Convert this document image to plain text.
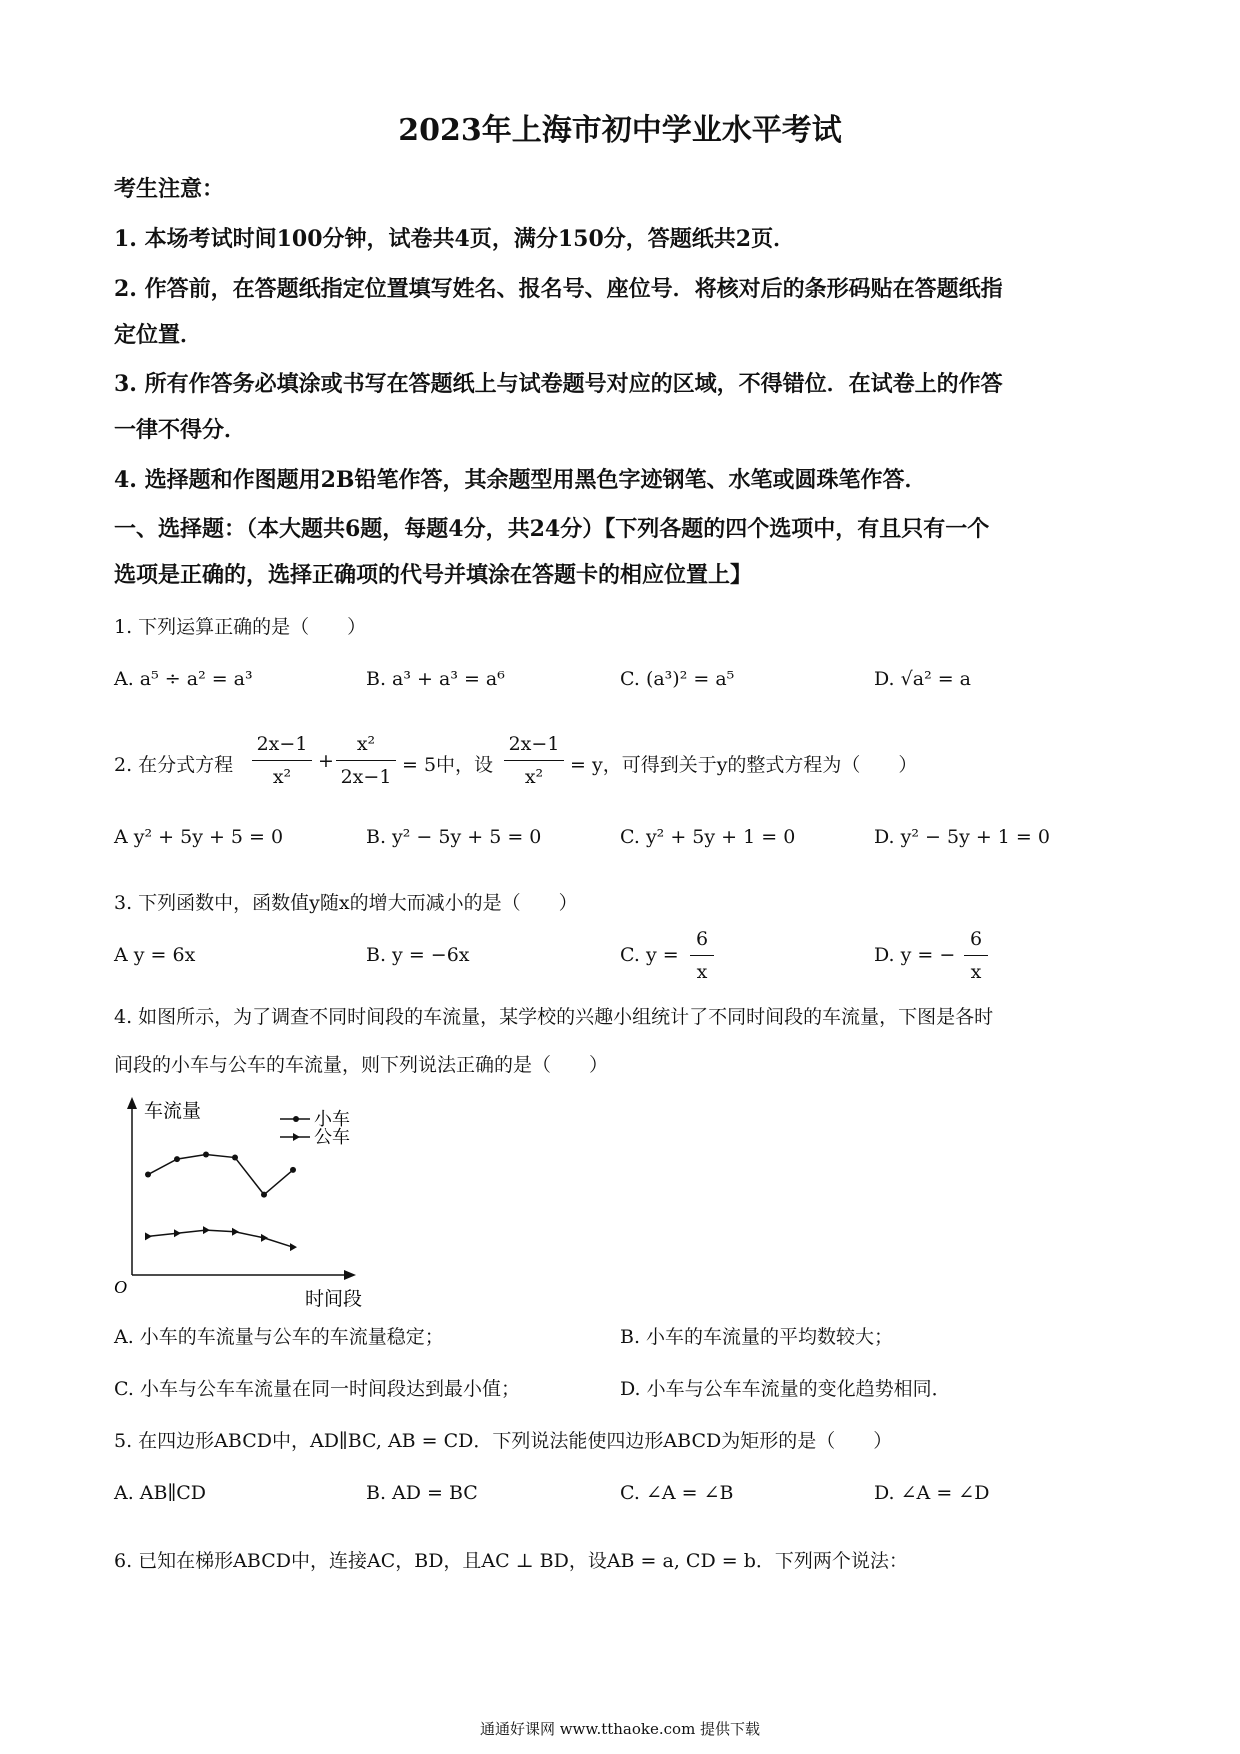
2023年上海市初中学业水平考试
考生注意：
1. 本场考试时间100分钟，试卷共4页，满分150分，答题纸共2页．
2. 作答前，在答题纸指定位置填写姓名、报名号、座位号．将核对后的条形码贴在答题纸指
定位置．
3. 所有作答务必填涂或书写在答题纸上与试卷题号对应的区域，不得错位．在试卷上的作答
一律不得分．
4. 选择题和作图题用2B铅笔作答，其余题型用黑色字迹钢笔、水笔或圆珠笔作答．
一、选择题：（本大题共6题，每题4分，共24分）【下列各题的四个选项中，有且只有一个
选项是正确的，选择正确项的代号并填涂在答题卡的相应位置上】
1. 下列运算正确的是（　　）
A. a⁵ ÷ a² = a³	B. a³ + a³ = a⁶	C. (a³)² = a⁵	D. √a² = a
2. 在分式方程
2x−1
x²
+
x²
2x−1
= 5中，设
2x−1
x²
= y，可得到关于y的整式方程为（　　）
A y² + 5y + 5 = 0	B. y² − 5y + 5 = 0	C. y² + 5y + 1 = 0	D. y² − 5y + 1 = 0
3. 下列函数中，函数值y随x的增大而减小的是（　　）
A y = 6x	B. y = −6x	C. y =
6
x
D. y = −
6
x
4. 如图所示，为了调查不同时间段的车流量，某学校的兴趣小组统计了不同时间段的车流量，下图是各时
间段的小车与公车的车流量，则下列说法正确的是（　　）
车流量
时间段
O
小车
公车
A. 小车的车流量与公车的车流量稳定；	B. 小车的车流量的平均数较大；
C. 小车与公车车流量在同一时间段达到最小值；	D. 小车与公车车流量的变化趋势相同．
5. 在四边形ABCD中，AD∥BC, AB = CD．下列说法能使四边形ABCD为矩形的是（　　）
A. AB∥CD	B. AD = BC	C. ∠A = ∠B	D. ∠A = ∠D
6. 已知在梯形ABCD中，连接AC，BD，且AC ⊥ BD，设AB = a, CD = b．下列两个说法：
通通好课网 www.tthaoke.com 提供下载
